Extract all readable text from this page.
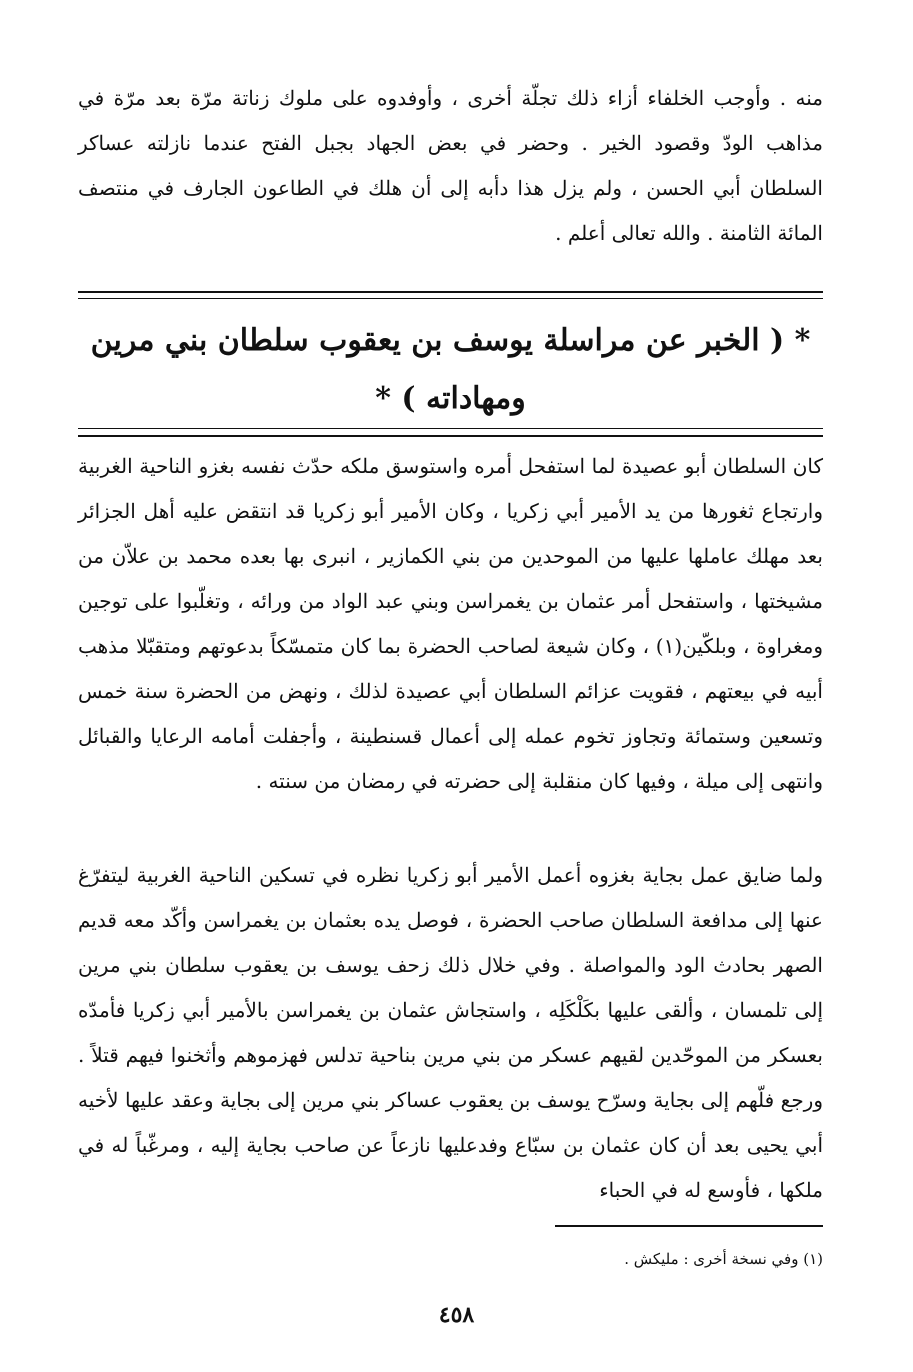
منه . وأوجب الخلفاء أزاء ذلك تجلّة أخرى ، وأوفدوه على ملوك زناتة مرّة بعد مرّة في مذاهب الودّ وقصود الخير . وحضر في بعض الجهاد بجبل الفتح عندما نازلته عساكر السلطان أبي الحسن ، ولم يزل هذا دأبه إلى أن هلك في الطاعون الجارف في منتصف المائة الثامنة . والله تعالى أعلم .

* ( الخبر عن مراسلة يوسف بن يعقوب سلطان بني مرين ومهاداته ) *

كان السلطان أبو عصيدة لما استفحل أمره واستوسق ملكه حدّث نفسه بغزو الناحية الغربية وارتجاع ثغورها من يد الأمير أبي زكريا ، وكان الأمير أبو زكريا قد انتقض عليه أهل الجزائر بعد مهلك عاملها عليها من الموحدين من بني الكمازير ، انبرى بها بعده محمد بن علاّن من مشيختها ، واستفحل أمر عثمان بن يغمراسن وبني عبد الواد من ورائه ، وتغلّبوا على توجين ومغراوة ، وبلكّين(١) ، وكان شيعة لصاحب الحضرة بما كان متمسّكاً بدعوتهم ومتقبّلا مذهب أبيه في بيعتهم ، فقويت عزائم السلطان أبي عصيدة لذلك ، ونهض من الحضرة سنة خمس وتسعين وستمائة وتجاوز تخوم عمله إلى أعمال قسنطينة ، وأجفلت أمامه الرعايا والقبائل وانتهى إلى ميلة ، وفيها كان منقلبة إلى حضرته في رمضان من سنته .

ولما ضايق عمل بجاية بغزوه أعمل الأمير أبو زكريا نظره في تسكين الناحية الغربية ليتفرّغ عنها إلى مدافعة السلطان صاحب الحضرة ، فوصل يده بعثمان بن يغمراسن وأكّد معه قديم الصهر بحادث الود والمواصلة . وفي خلال ذلك زحف يوسف بن يعقوب سلطان بني مرين إلى تلمسان ، وألقى عليها بكَلْكَلِه ، واستجاش عثمان بن يغمراسن بالأمير أبي زكريا فأمدّه بعسكر من الموحّدين لقيهم عسكر من بني مرين بناحية تدلس فهزموهم وأثخنوا فيهم قتلاً . ورجع فلّهم إلى بجاية وسرّح يوسف بن يعقوب عساكر بني مرين إلى بجاية وعقد عليها لأخيه أبي يحيى بعد أن كان عثمان بن سبّاع وفدعليها نازعاً عن صاحب بجاية إليه ، ومرغّباً له في ملكها ، فأوسع له في الحباء

(١) وفي نسخة أخرى : مليكش .

٤٥٨
